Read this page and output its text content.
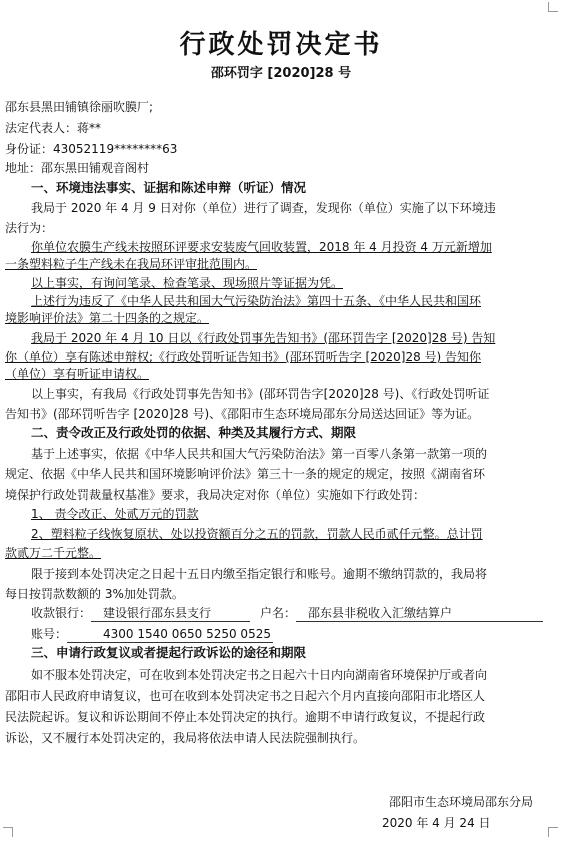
行政处罚决定书
邵环罚字 [2020]28 号
邵东县黑田铺镇徐丽吹膜厂;
法定代表人：蒋**
身份证：43052119********63
地址：邵东黑田铺观音阁村
一、环境违法事实、证据和陈述申辩（听证）情况
我局于 2020 年 4 月 9 日对你（单位）进行了调查，发现你（单位）实施了以下环境违
法行为：
你单位农膜生产线未按照环评要求安装废气回收装置，2018 年 4 月投资 4 万元新增加
一条塑料粒子生产线未在我局环评审批范围内。
以上事实，有询问笔录、检查笔录、现场照片等证据为凭。
上述行为违反了《中华人民共和国大气污染防治法》第四十五条、《中华人民共和国环
境影响评价法》第二十四条的之规定。
我局于 2020 年 4 月 10 日以《行政处罚事先告知书》(邵环罚告字 [2020]28 号) 告知
你（单位）享有陈述申辩权;《行政处罚听证告知书》(邵环罚听告字 [2020]28 号) 告知你
（单位）享有听证申请权。
以上事实，有我局《行政处罚事先告知书》(邵环罚告字[2020]28 号)、《行政处罚听证
告知书》(邵环罚听告字 [2020]28 号)、《邵阳市生态环境局邵东分局送达回证》等为证。
二、责令改正及行政处罚的依据、种类及其履行方式、期限
基于上述事实，依据《中华人民共和国大气污染防治法》第一百零八条第一款第一项的
规定、依据《中华人民共和国环境影响评价法》第三十一条的规定的规定，按照《湖南省环
境保护行政处罚裁量权基准》要求，我局决定对你（单位）实施如下行政处罚：
1、 责令改正、处贰万元的罚款
2、塑料粒子线恢复原状、处以投资额百分之五的罚款，罚款人民币贰仟元整。总计罚
款贰万二千元整。
限于接到本处罚决定之日起十五日内缴至指定银行和账号。逾期不缴纳罚款的，我局将
每日按罚款数额的 3%加处罚款。
收款银行： 建设银行邵东县支行	户名： 邵东县非税收入汇缴结算户
账号：	4300 1540 0650 5250 0525
三、申请行政复议或者提起行政诉讼的途径和期限
如不服本处罚决定，可在收到本处罚决定书之日起六十日内向湖南省环境保护厅或者向
邵阳市人民政府申请复议，也可在收到本处罚决定书之日起六个月内直接向邵阳市北塔区人
民法院起诉。复议和诉讼期间不停止本处罚决定的执行。逾期不申请行政复议，不提起行政
诉讼，又不履行本处罚决定的，我局将依法申请人民法院强制执行。
邵阳市生态环境局邵东分局
2020 年 4 月 24 日
